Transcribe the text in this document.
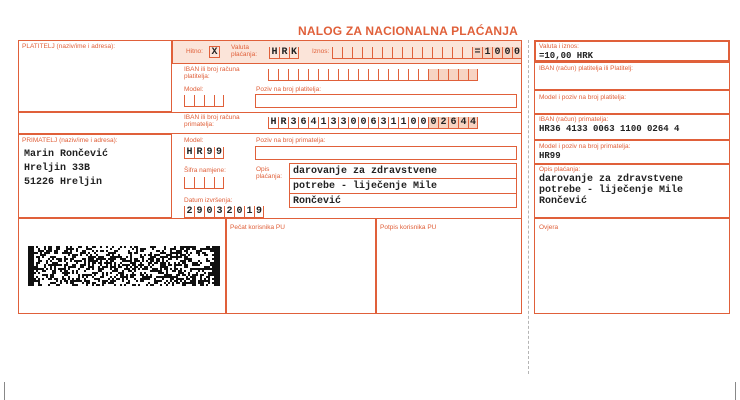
NALOG ZA NACIONALNA PLAĆANJA
PLATITELJ (naziv/ime i adresa):
Hitno: X	Valuta plaćanja:	H R K	Iznos:	= 1 0 0 0
IBAN ili broj računa platitelja:
Model:	Poziv na broj platitelja:
IBAN ili broj računa primatelja:	H R 3 6 4 1 3 3 0 0 6 3 1 1 0 0 0 2 6 4 4
PRIMATELJ (naziv/ime i adresa):
Marin Rončević
Hreljin 33B
51226 Hreljin
Model:
H R 9 9
Poziv na broj primatelja:
Šifra namjene:	Opis plaćanja: darovanje za zdravstvene
potrebe - liječenje Mile
Rončević
Datum izvršenja:
2 9 0 3 2 0 1 9
Pečat korisnika PU	Potpis korisnika PU
Valuta i iznos:
=10,00 HRK
IBAN (račun) platitelja ili Platitelj:
Model i poziv na broj platitelja:
IBAN (račun) primatelja:
HR36 4133 0063 1100 0264 4
Model i poziv na broj primatelja:
HR99
Opis plaćanja:
darovanje za zdravstvene
potrebe - liječenje Mile
Rončević
Ovjera
